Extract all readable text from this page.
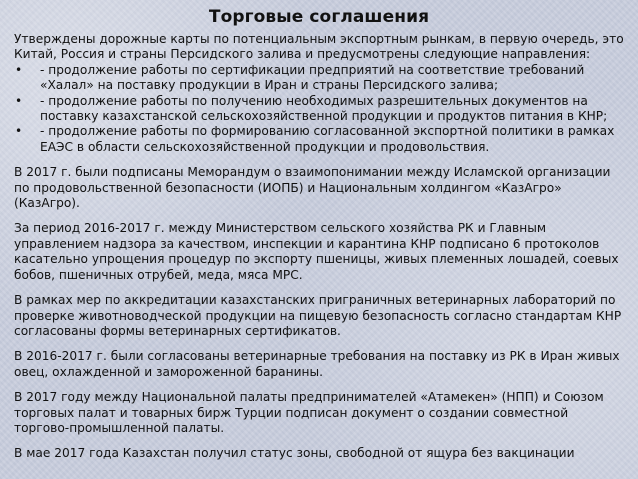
Торговые соглашения

Утверждены дорожные карты по потенциальным экспортным рынкам, в первую очередь, это Китай, Россия и страны Персидского залива и предусмотрены следующие направления:

• - продолжение работы по сертификации предприятий на соответствие требований «Халал» на поставку продукции в Иран и страны Персидского залива;
• - продолжение работы по получению необходимых разрешительных документов на поставку казахстанской сельскохозяйственной продукции и продуктов питания в КНР;
• - продолжение работы по формированию согласованной экспортной политики в рамках ЕАЭС в области сельскохозяйственной продукции и продовольствия.

В 2017 г. были подписаны Меморандум о взаимопонимании между Исламской организации по продовольственной безопасности (ИОПБ) и Национальным холдингом «КазАгро» (КазАгро).

За период 2016-2017 г. между Министерством сельского хозяйства РК и Главным управлением надзора за качеством, инспекции и карантина КНР подписано 6 протоколов касательно упрощения процедур по экспорту пшеницы, живых племенных лошадей, соевых бобов, пшеничных отрубей, меда, мяса МРС.

В рамках мер по аккредитации казахстанских приграничных ветеринарных лабораторий по проверке животноводческой продукции на пищевую безопасность согласно стандартам КНР согласованы формы ветеринарных сертификатов.

В 2016-2017 г. были согласованы ветеринарные требования на поставку из РК в Иран живых овец, охлажденной и замороженной баранины.

В 2017 году между Национальной палаты предпринимателей «Атамекен» (НПП) и Союзом торговых палат и товарных бирж Турции подписан документ о создании совместной торгово-промышленной палаты.

В мае 2017 года Казахстан получил статус зоны, свободной от ящура без вакцинации
